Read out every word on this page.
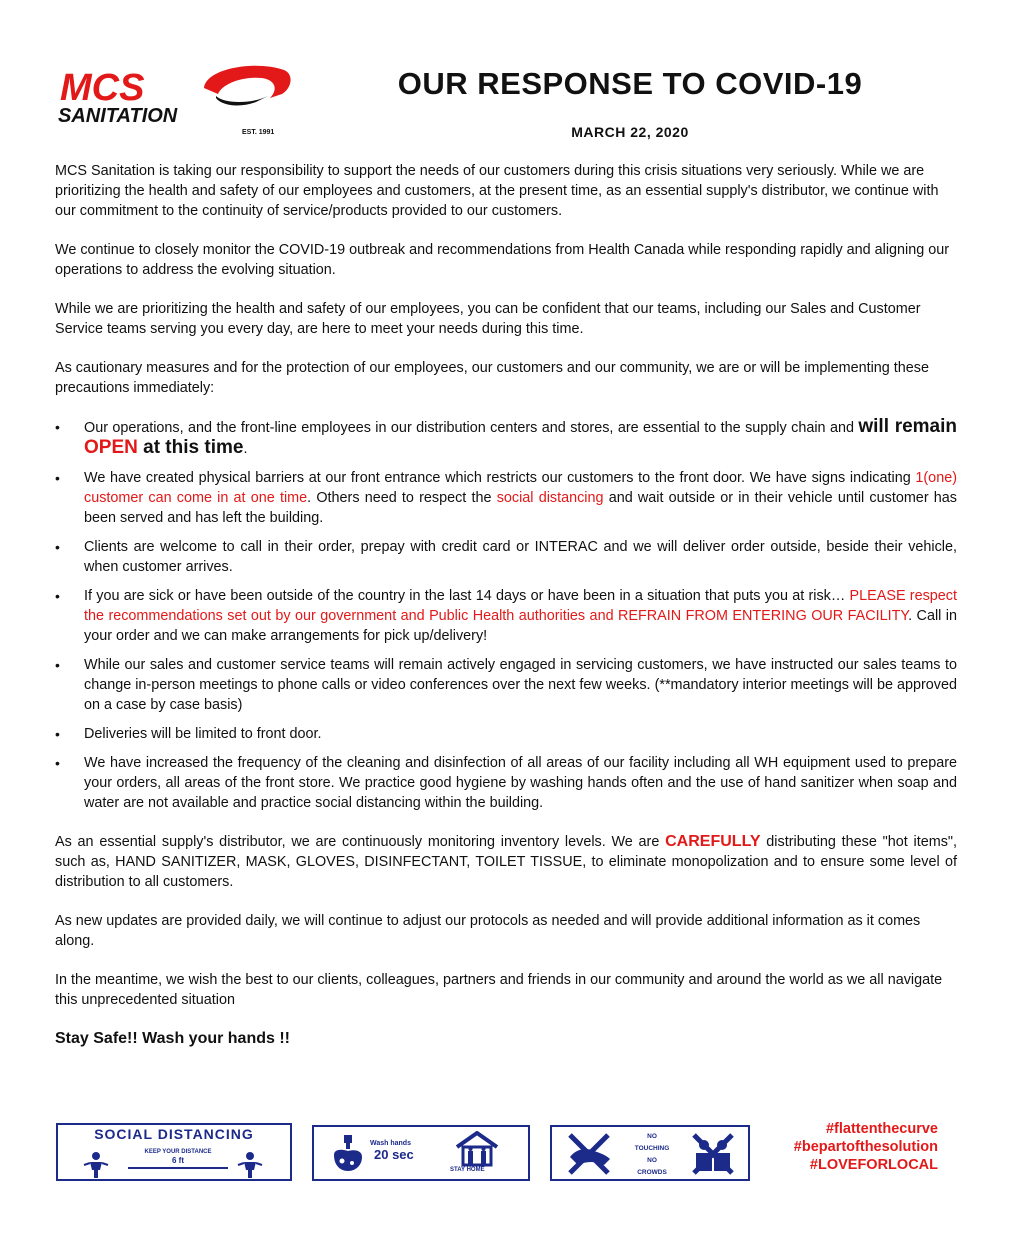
MCS
SANITATION
EST. 1991
OUR RESPONSE TO COVID-19
MARCH 22, 2020

MCS Sanitation is taking our responsibility to support the needs of our customers during this crisis situations very seriously. While we are prioritizing the health and safety of our employees and customers, at the present time, as an essential supply's distributor, we continue with our commitment to the continuity of service/products provided to our customers.

We continue to closely monitor the COVID-19 outbreak and recommendations from Health Canada while responding rapidly and aligning our operations to address the evolving situation.

While we are prioritizing the health and safety of our employees, you can be confident that our teams, including our Sales and Customer Service teams serving you every day, are here to meet your needs during this time.

As cautionary measures and for the protection of our employees, our customers and our community, we are or will be implementing these precautions immediately:

• Our operations, and the front-line employees in our distribution centers and stores, are essential to the supply chain and will remain OPEN at this time.
• We have created physical barriers at our front entrance which restricts our customers to the front door. We have signs indicating 1(one) customer can come in at one time. Others need to respect the social distancing and wait outside or in their vehicle until customer has been served and has left the building.
• Clients are welcome to call in their order, prepay with credit card or INTERAC and we will deliver order outside, beside their vehicle, when customer arrives.
• If you are sick or have been outside of the country in the last 14 days or have been in a situation that puts you at risk… PLEASE respect the recommendations set out by our government and Public Health authorities and REFRAIN FROM ENTERING OUR FACILITY. Call in your order and we can make arrangements for pick up/delivery!
• While our sales and customer service teams will remain actively engaged in servicing customers, we have instructed our sales teams to change in-person meetings to phone calls or video conferences over the next few weeks. (**mandatory interior meetings will be approved on a case by case basis)
• Deliveries will be limited to front door.
• We have increased the frequency of the cleaning and disinfection of all areas of our facility including all WH equipment used to prepare your orders, all areas of the front store. We practice good hygiene by washing hands often and the use of hand sanitizer when soap and water are not available and practice social distancing within the building.

As an essential supply's distributor, we are continuously monitoring inventory levels. We are CAREFULLY distributing these "hot items", such as, HAND SANITIZER, MASK, GLOVES, DISINFECTANT, TOILET TISSUE, to eliminate monopolization and to ensure some level of distribution to all customers.

As new updates are provided daily, we will continue to adjust our protocols as needed and will provide additional information as it comes along.

In the meantime, we wish the best to our clients, colleagues, partners and friends in our community and around the world as we all navigate this unprecedented situation

Stay Safe!! Wash your hands !!
SOCIAL DISTANCING
KEEP YOUR DISTANCE
6 ft
Wash hands
20 sec
STAY HOME
NO
TOUCHING
NO
CROWDS
#flattenthecurve
#bepartofthesolution
#LOVEFORLOCAL
